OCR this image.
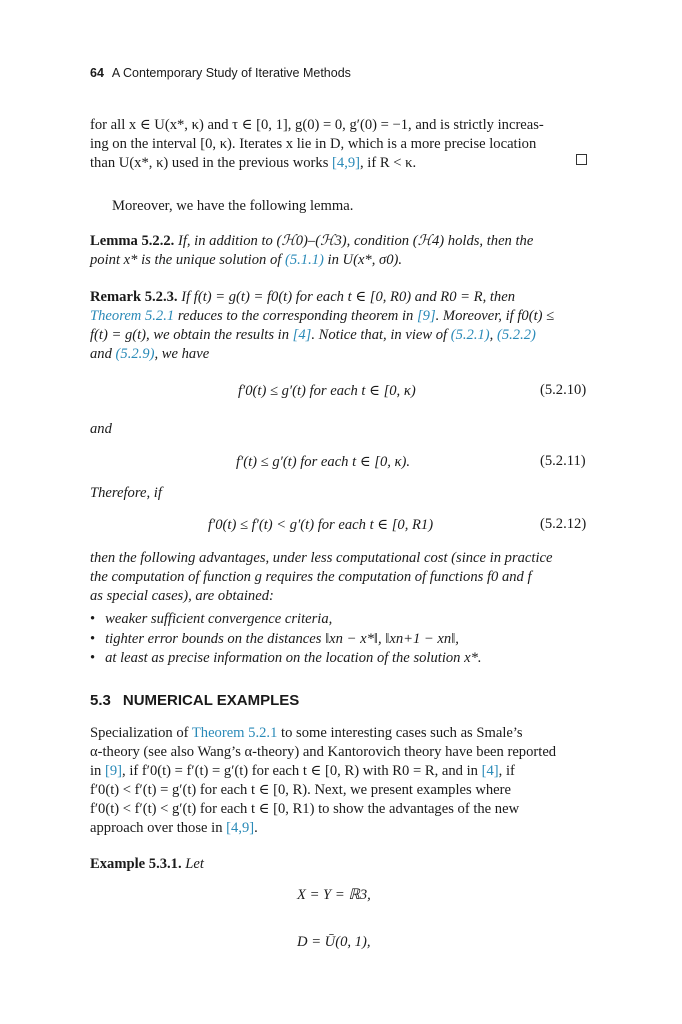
64 A Contemporary Study of Iterative Methods
for all x ∈ U(x*, κ) and τ ∈ [0, 1], g(0) = 0, g′(0) = −1, and is strictly increas-
ing on the interval [0, κ). Iterates x lie in D, which is a more precise location
than U(x*, κ) used in the previous works [4,9], if R < κ.
Moreover, we have the following lemma.
Lemma 5.2.2. If, in addition to (ℋ0)–(ℋ3), condition (ℋ4) holds, then the
point x* is the unique solution of (5.1.1) in U(x*, σ0).
Remark 5.2.3. If f(t) = g(t) = f0(t) for each t ∈ [0, R0) and R0 = R, then
Theorem 5.2.1 reduces to the corresponding theorem in [9]. Moreover, if f0(t) ≤
f(t) = g(t), we obtain the results in [4]. Notice that, in view of (5.2.1), (5.2.2)
and (5.2.9), we have
f′0(t) ≤ g′(t) for each t ∈ [0, κ)	(5.2.10)
and
f′(t) ≤ g′(t) for each t ∈ [0, κ).	(5.2.11)
Therefore, if
f′0(t) ≤ f′(t) < g′(t) for each t ∈ [0, R1)	(5.2.12)
then the following advantages, under less computational cost (since in practice
the computation of function g requires the computation of functions f0 and f
as special cases), are obtained:
• weaker sufficient convergence criteria,
• tighter error bounds on the distances ‖xn − x*‖, ‖xn+1 − xn‖,
• at least as precise information on the location of the solution x*.
5.3 NUMERICAL EXAMPLES
Specialization of Theorem 5.2.1 to some interesting cases such as Smale’s
α-theory (see also Wang’s α-theory) and Kantorovich theory have been reported
in [9], if f′0(t) = f′(t) = g′(t) for each t ∈ [0, R) with R0 = R, and in [4], if
f′0(t) < f′(t) = g′(t) for each t ∈ [0, R). Next, we present examples where
f′0(t) < f′(t) < g′(t) for each t ∈ [0, R1) to show the advantages of the new
approach over those in [4,9].
Example 5.3.1. Let
X = Y = ℝ3,
D = Ū(0, 1),
